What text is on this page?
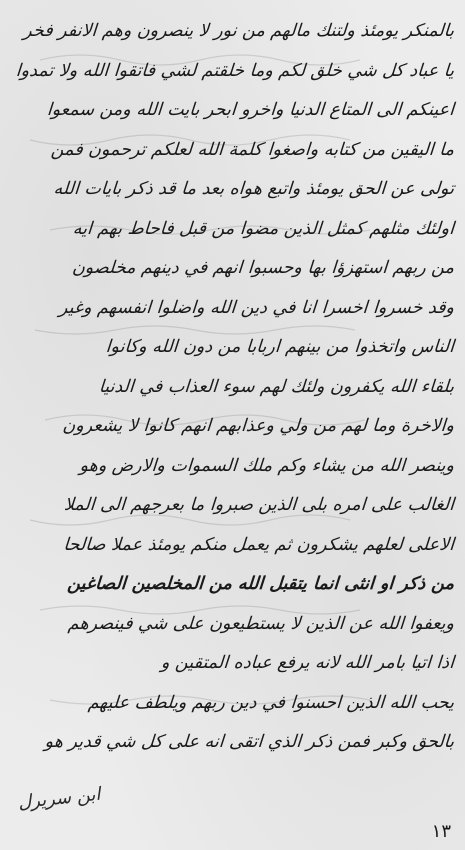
بالمنكر يومئذ ولتنك مالهم من نور لا ينصرون وهم الانفر فخر
يا عباد كل شي خلق لكم وما خلقتم لشي فاتقوا الله ولا تمدوا
اعينكم الى المتاع الدنيا واخرو ابحر بايت الله ومن سمعوا
ما اليقين من كتابه واصغوا كلمة الله لعلكم ترحمون فمن
تولى عن الحق يومئذ واتبع هواه بعد ما قد ذكر بايات الله
اولئك مثلهم كمثل الذين مضوا من قبل فاحاط بهم ايه
من ربهم استهزؤا بها وحسبوا انهم في دينهم مخلصون
وقد خسروا اخسرا انا في دين الله واضلوا انفسهم وغير
الناس واتخذوا من بينهم اربابا من دون الله وكانوا
بلقاء الله يكفرون ولئك لهم سوء العذاب في الدنيا
والاخرة وما لهم من ولي وعذابهم انهم كانوا لا يشعرون
وينصر الله من يشاء وكم ملك السموات والارض وهو
الغالب على امره بلى الذين صبروا ما بعرجهم الى الملا
الاعلى لعلهم يشكرون ثم يعمل منكم يومئذ عملا صالحا
من ذكر او انثى انما يتقبل الله من المخلصين الصاغين
ويعفوا الله عن الذين لا يستطيعون على شي فينصرهم
اذا اتيا بامر الله لانه يرفع عباده المتقين و
يحب الله الذين احسنوا في دين ربهم ويلطف عليهم
بالحق وكبر فمن ذكر الذي اتقى انه على كل شي قدير هو
ابن سريرل
١٣
